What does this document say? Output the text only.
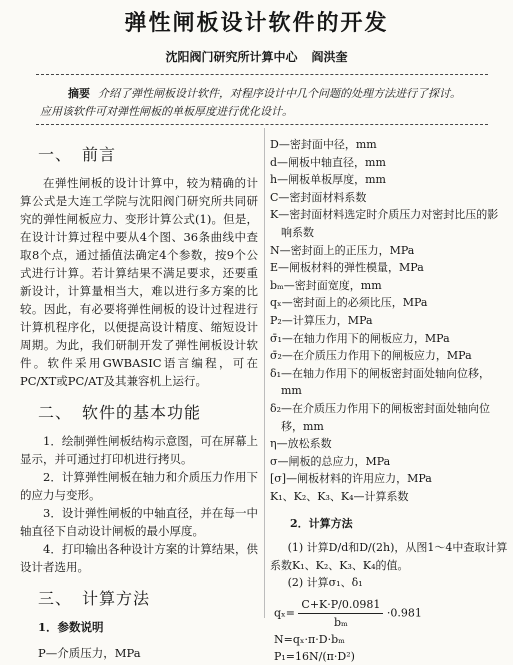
弹性闸板设计软件的开发
沈阳阀门研究所计算中心 阎洪奎

摘要 介绍了弹性闸板设计软件，对程序设计中几个问题的处理方法进行了探讨。

应用该软件可对弹性闸板的单板厚度进行优化设计。

一、 前言

在弹性闸板的设计计算中，较为精确的计算公式是大连工学院与沈阳阀门研究所共同研究的弹性闸板应力、变形计算公式(1)。但是，在设计计算过程中要从4个图、36条曲线中查取8个点，通过插值法确定4个参数，按9个公式进行计算。若计算结果不满足要求，还要重新设计，计算量相当大，难以进行多方案的比较。因此，有必要将弹性闸板的设计过程进行计算机程序化，以便提高设计精度、缩短设计周期。为此，我们研制开发了弹性闸板设计软件。软件采用GWBASIC语言编程，可在PC/XT或PC/AT及其兼容机上运行。

二、 软件的基本功能

1．绘制弹性闸板结构示意图，可在屏幕上显示，并可通过打印机进行拷贝。

2．计算弹性闸板在轴力和介质压力作用下的应力与变形。

3．设计弹性闸板的中轴直径，并在每一中轴直径下自动设计闸板的最小厚度。

4．打印输出各种设计方案的计算结果，供设计者选用。

三、 计算方法
1．参数说明

P—介质压力，MPa

D—密封面中径，mm

d—闸板中轴直径，mm

h—闸板单板厚度，mm

C—密封面材料系数

K—密封面材料选定时介质压力对密封比压的影响系数

N—密封面上的正压力，MPa

E—闸板材料的弹性模量，MPa

bₘ—密封面宽度，mm

qₓ—密封面上的必须比压，MPa

P₂—计算压力，MPa

σ̄₁—在轴力作用下的闸板应力，MPa

σ̄₂—在介质压力作用下的闸板应力，MPa

δ₁—在轴力作用下的闸板密封面处轴向位移，mm

δ₂—在介质压力作用下的闸板密封面处轴向位移，mm

η—放松系数

σ—闸板的总应力，MPa

[σ]—闸板材料的许用应力，MPa

K₁、K₂、K₃、K₄—计算系数

2．计算方法

(1) 计算D/d和D/(2h)，从图1～4中查取计算系数K₁、K₂、K₃、K₄的值。

(2) 计算σ₁、δ₁

$q_x= \frac{C+K\cdot P/0.0981}{\text{bₘ}} \cdot 0.981$
N=qₓ·π·D·bₘ
P₁=16N/(π·D²)
